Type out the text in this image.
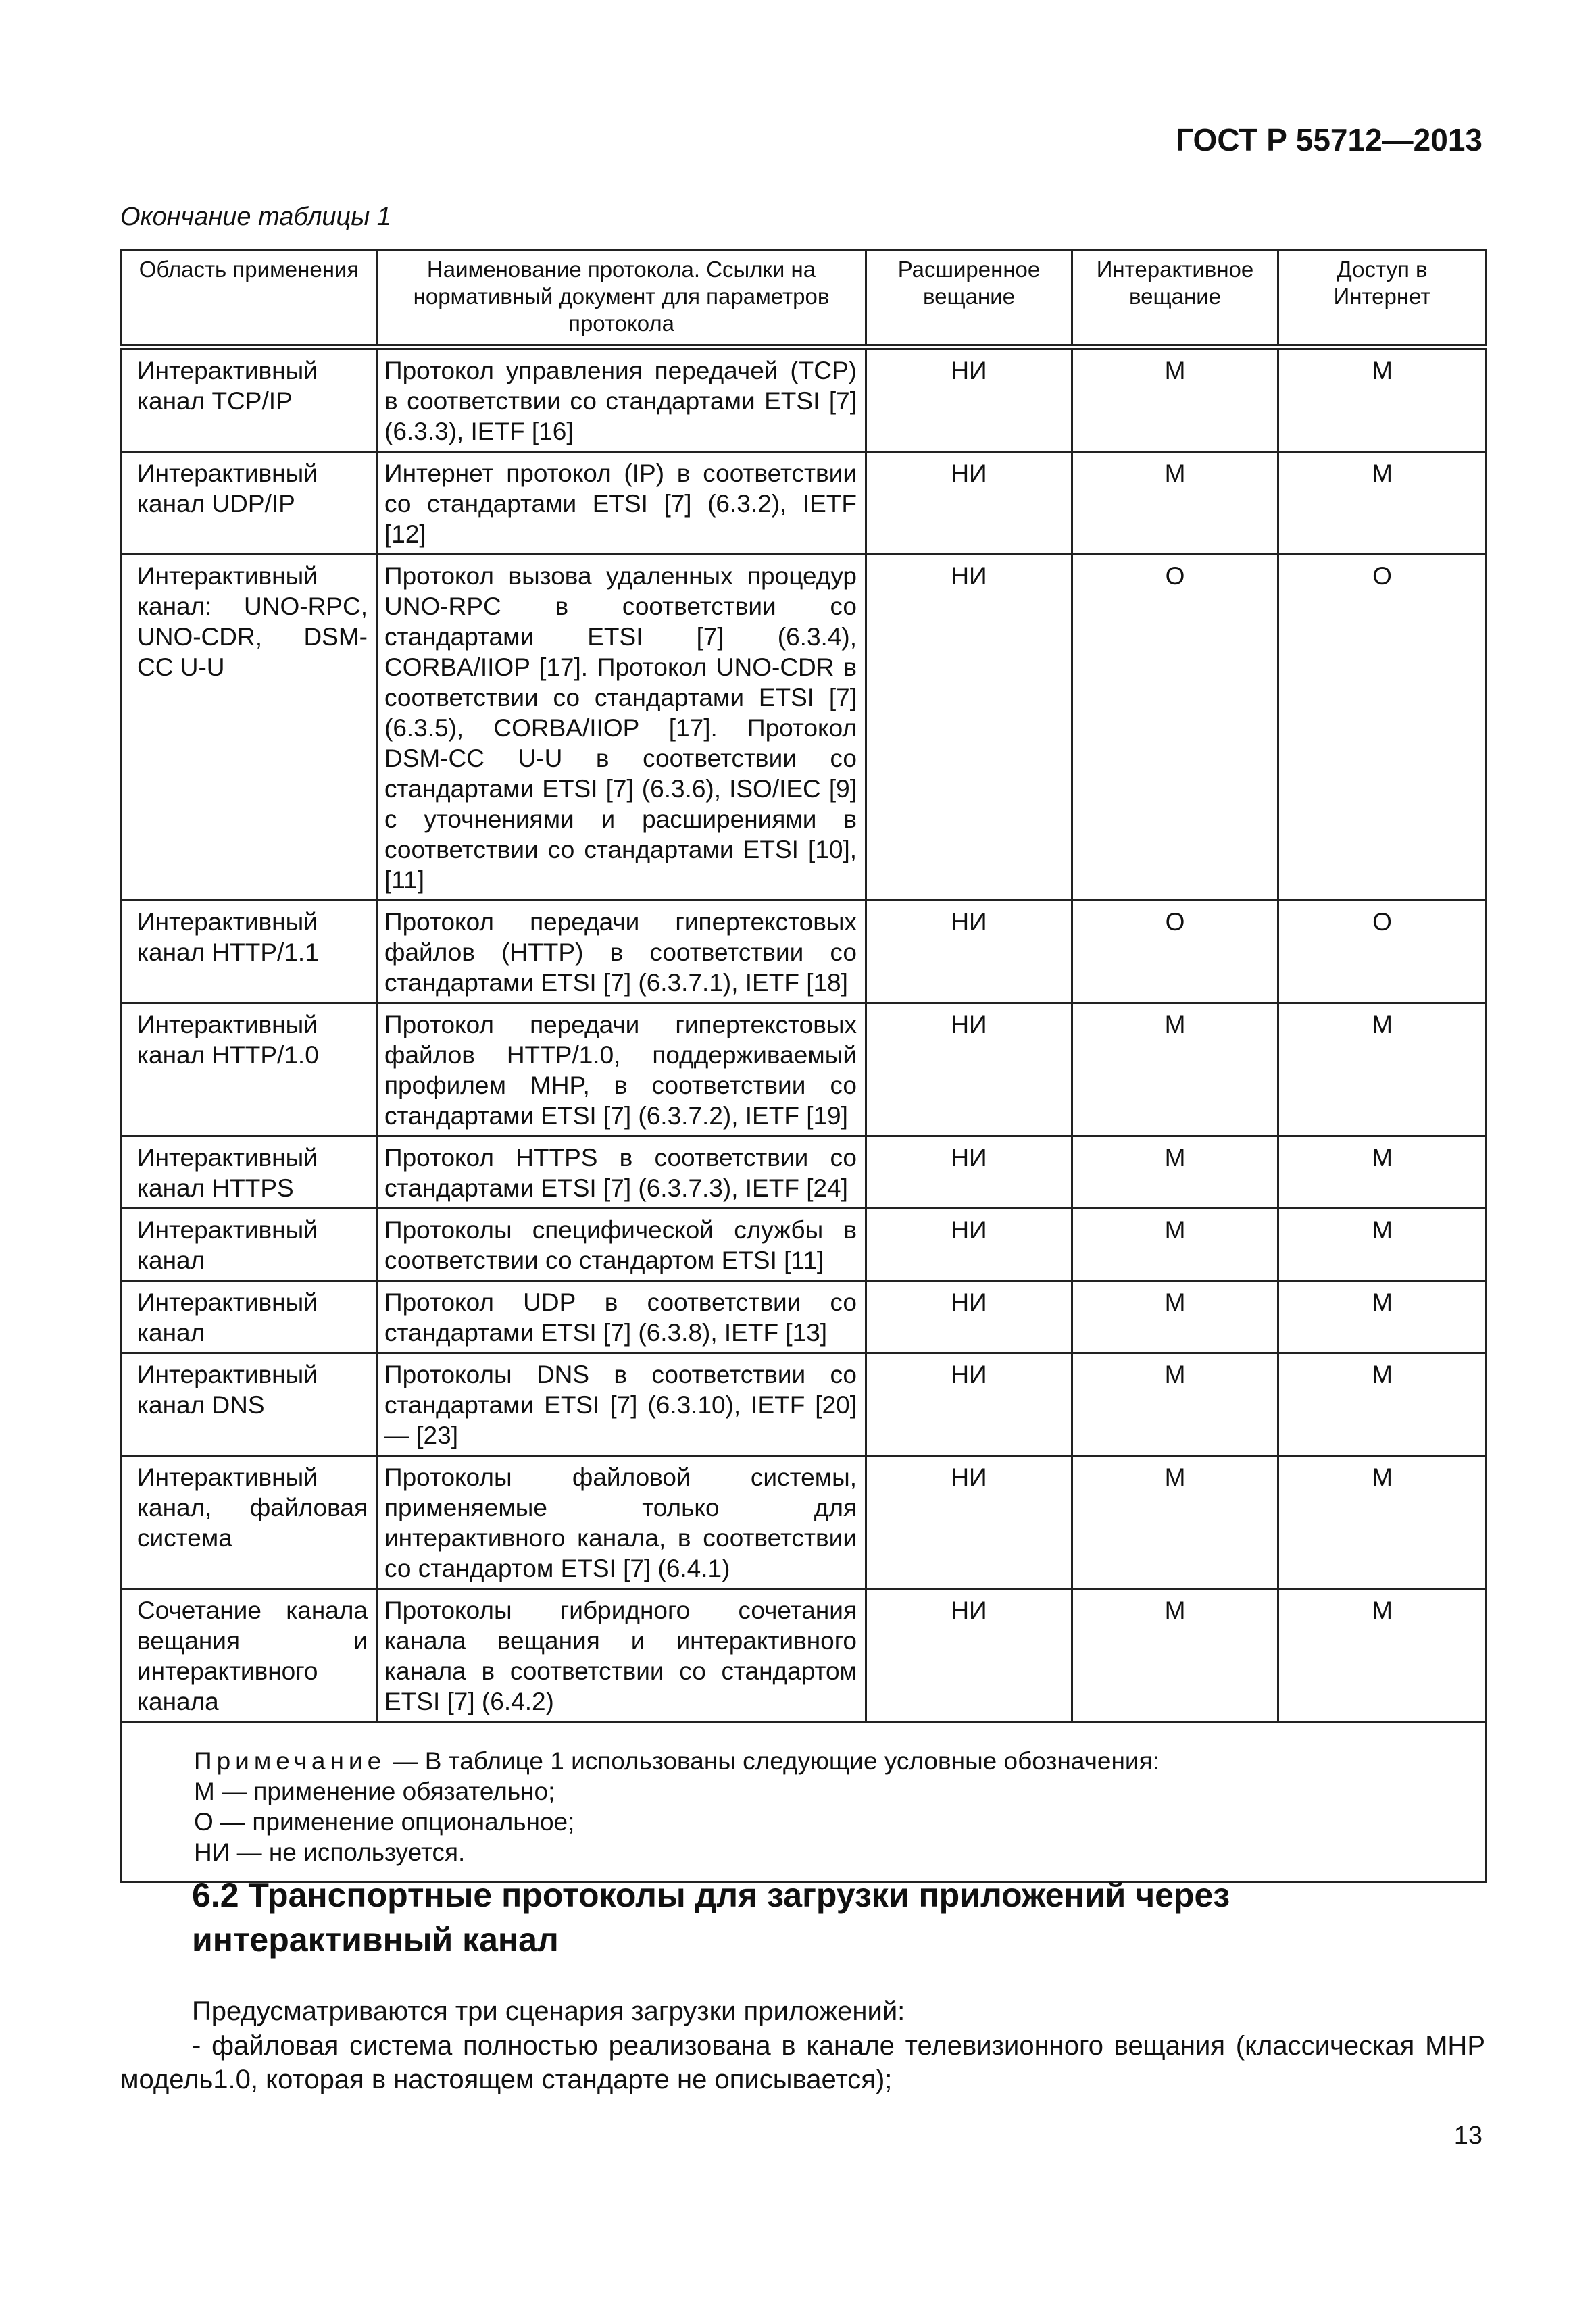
ГОСТ Р 55712—2013
Окончание таблицы 1
Область применения	Наименование протокола. Ссылки на нормативный документ для параметров протокола	Расширенное вещание	Интерактивное вещание	Доступ в Интернет
Интерактивный канал TCP/IP	Протокол управления передачей (TCP) в соответствии со стандартами ETSI [7] (6.3.3), IETF [16]	НИ	М	М
Интерактивный канал UDP/IP	Интернет протокол (IP) в соответствии со стандартами ETSI [7] (6.3.2), IETF [12]	НИ	М	М
Интерактивный канал: UNO-RPC, UNO-CDR, DSM-CC U-U	Протокол вызова удаленных процедур UNO-RPC в соответствии со стандартами ETSI [7] (6.3.4), CORBA/IIOP [17]. Протокол UNO-CDR в соответствии со стандартами ETSI [7] (6.3.5), CORBA/IIOP [17]. Протокол DSM-CC U-U в соответствии со стандартами ETSI [7] (6.3.6), ISO/IEC [9] с уточнениями и расширениями в соответствии со стандартами ETSI [10], [11]	НИ	О	О
Интерактивный канал HTTP/1.1	Протокол передачи гипертекстовых файлов (HTTP) в соответствии со стандартами ETSI [7] (6.3.7.1), IETF [18]	НИ	О	О
Интерактивный канал HTTP/1.0	Протокол передачи гипертекстовых файлов HTTP/1.0, поддерживаемый профилем MHP, в соответствии со стандартами ETSI [7] (6.3.7.2), IETF [19]	НИ	М	М
Интерактивный канал HTTPS	Протокол HTTPS в соответствии со стандартами ETSI [7] (6.3.7.3), IETF [24]	НИ	М	М
Интерактивный канал	Протоколы специфической службы в соответствии со стандартом ETSI [11]	НИ	М	М
Интерактивный канал	Протокол UDP в соответствии со стандартами ETSI [7] (6.3.8), IETF [13]	НИ	М	М
Интерактивный канал DNS	Протоколы DNS в соответствии со стандартами ETSI [7] (6.3.10), IETF [20] — [23]	НИ	М	М
Интерактивный канал, файловая система	Протоколы файловой системы, применяемые только для интерактивного канала, в соответствии со стандартом ETSI [7] (6.4.1)	НИ	М	М
Сочетание канала вещания и интерактивного канала	Протоколы гибридного сочетания канала вещания и интерактивного канала в соответствии со стандартом ETSI [7] (6.4.2)	НИ	М	М

Примечание — В таблице 1 использованы следующие условные обозначения:
М — применение обязательно;
О — применение опциональное;
НИ — не используется.				
6.2 Транспортные протоколы для загрузки приложений через интерактивный канал
Предусматриваются три сценария загрузки приложений:
- файловая система полностью реализована в канале телевизионного вещания (классическая MHP модель1.0, которая в настоящем стандарте не описывается);
13
